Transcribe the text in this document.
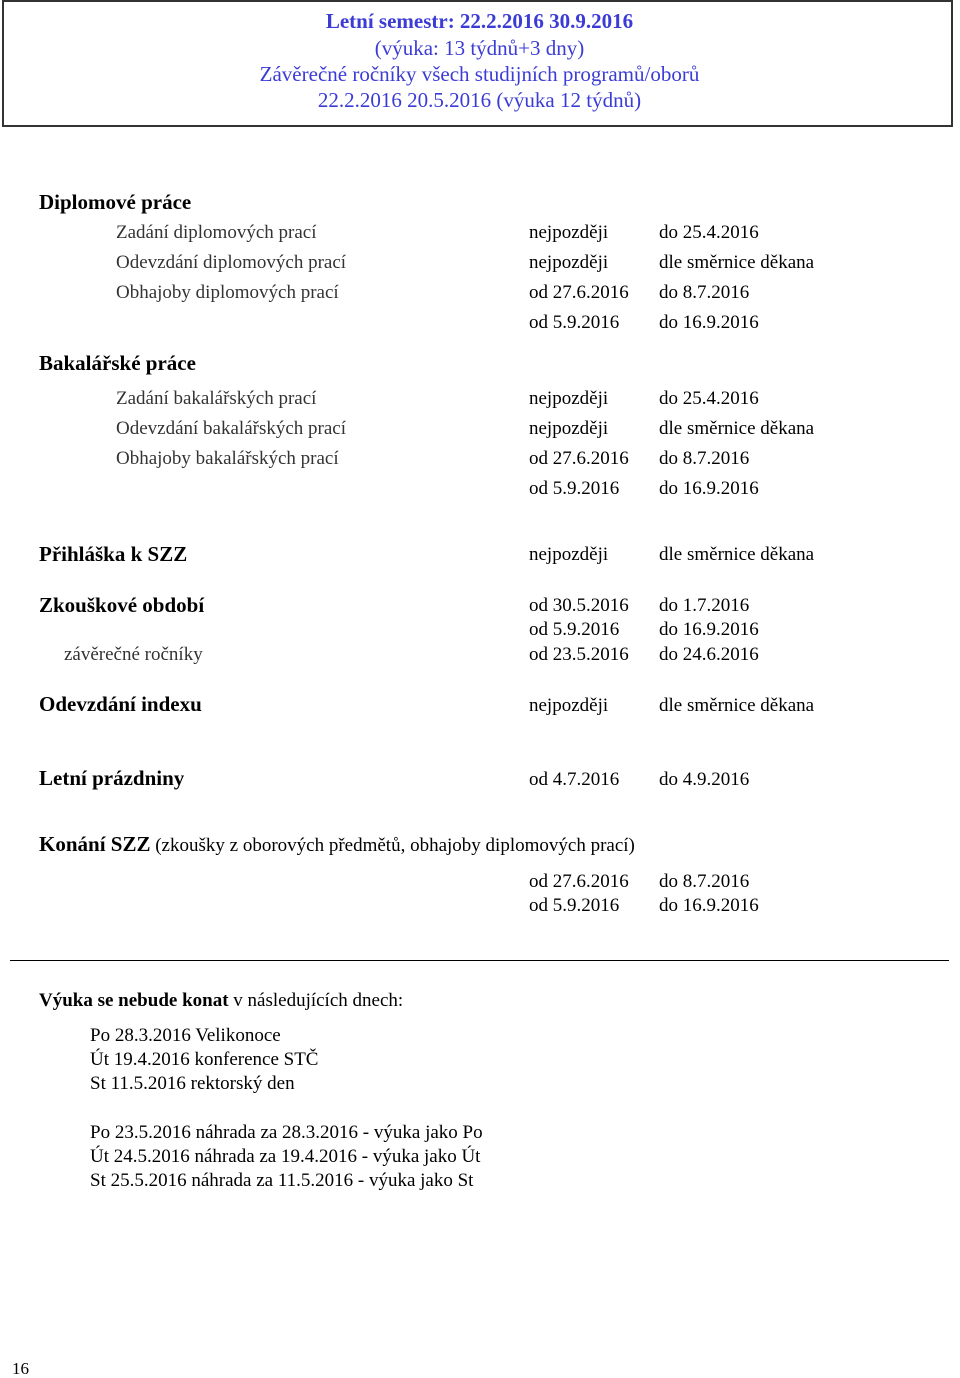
Letní semestr: 22.2.2016 30.9.2016
(výuka: 13 týdnů+3 dny)
Závěrečné ročníky všech studijních programů/oborů
22.2.2016 20.5.2016 (výuka 12 týdnů)
Diplomové práce
Zadání diplomových prací	nejpozději	do 25.4.2016
Odevzdání diplomových prací	nejpozději	dle směrnice děkana
Obhajoby diplomových prací	od 27.6.2016 do 8.7.2016
od 5.9.2016 do 16.9.2016
Bakalářské práce
Zadání bakalářských prací	nejpozději	do 25.4.2016
Odevzdání bakalářských prací	nejpozději	dle směrnice děkana
Obhajoby bakalářských prací	od 27.6.2016 do 8.7.2016
od 5.9.2016 do 16.9.2016
Přihláška k SZZ	nejpozději	dle směrnice děkana
Zkouškové období	od 30.5.2016 do 1.7.2016
od 5.9.2016 do 16.9.2016
závěrečné ročníky	od 23.5.2016 do 24.6.2016
Odevzdání indexu	nejpozději	dle směrnice děkana
Letní prázdniny	od 4.7.2016 do 4.9.2016
Konání SZZ (zkoušky z oborových předmětů, obhajoby diplomových prací)
od 27.6.2016 do 8.7.2016
od 5.9.2016 do 16.9.2016
Výuka se nebude konat v následujících dnech:
Po 28.3.2016 Velikonoce
Út 19.4.2016 konference STČ
St 11.5.2016 rektorský den
Po 23.5.2016 náhrada za 28.3.2016 - výuka jako Po
Út 24.5.2016 náhrada za 19.4.2016 - výuka jako Út
St 25.5.2016 náhrada za 11.5.2016 - výuka jako St
16
